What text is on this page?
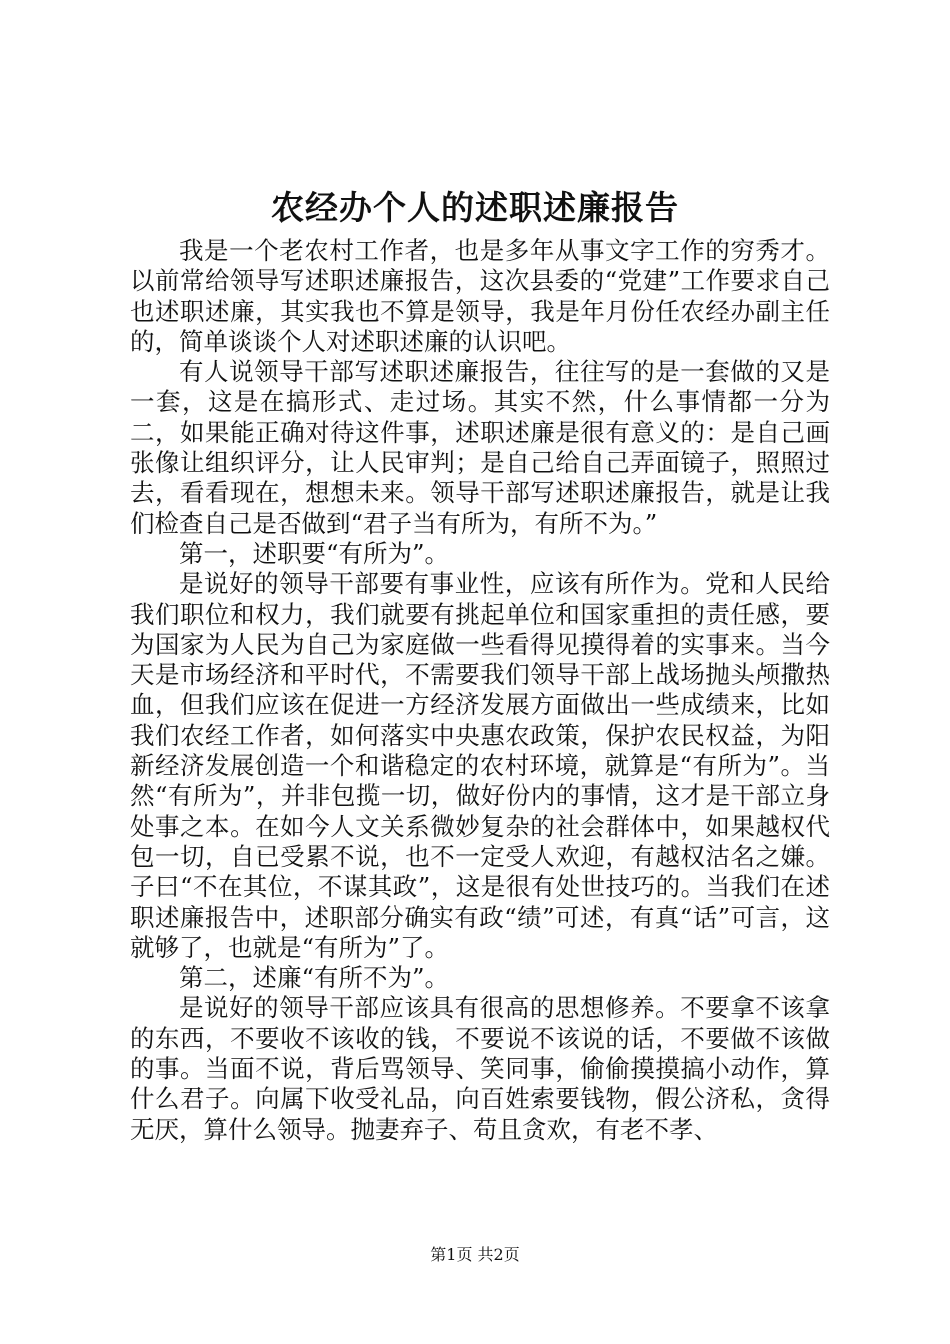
农经办个人的述职述廉报告

我是一个老农村工作者，也是多年从事文字工作的穷秀才。以前常给领导写述职述廉报告，这次县委的“党建”工作要求自己也述职述廉，其实我也不算是领导，我是年月份任农经办副主任的，简单谈谈个人对述职述廉的认识吧。

有人说领导干部写述职述廉报告，往往写的是一套做的又是一套，这是在搞形式、走过场。其实不然，什么事情都一分为二，如果能正确对待这件事，述职述廉是很有意义的：是自己画张像让组织评分，让人民审判；是自己给自己弄面镜子，照照过去，看看现在，想想未来。领导干部写述职述廉报告，就是让我们检查自己是否做到“君子当有所为，有所不为。”

第一，述职要“有所为”。

是说好的领导干部要有事业性，应该有所作为。党和人民给我们职位和权力，我们就要有挑起单位和国家重担的责任感，要为国家为人民为自己为家庭做一些看得见摸得着的实事来。当今天是市场经济和平时代，不需要我们领导干部上战场抛头颅撒热血，但我们应该在促进一方经济发展方面做出一些成绩来，比如我们农经工作者，如何落实中央惠农政策，保护农民权益，为阳新经济发展创造一个和谐稳定的农村环境，就算是“有所为”。当然“有所为”，并非包揽一切，做好份内的事情，这才是干部立身处事之本。在如今人文关系微妙复杂的社会群体中，如果越权代包一切，自已受累不说，也不一定受人欢迎，有越权沽名之嫌。子曰“不在其位，不谋其政”，这是很有处世技巧的。当我们在述职述廉报告中，述职部分确实有政“绩”可述，有真“话”可言，这就够了，也就是“有所为”了。

第二，述廉“有所不为”。

是说好的领导干部应该具有很高的思想修养。不要拿不该拿的东西，不要收不该收的钱，不要说不该说的话，不要做不该做的事。当面不说，背后骂领导、笑同事，偷偷摸摸搞小动作，算什么君子。向属下收受礼品，向百姓索要钱物，假公济私，贪得无厌，算什么领导。抛妻弃子、苟且贪欢，有老不孝、

第1页 共2页
